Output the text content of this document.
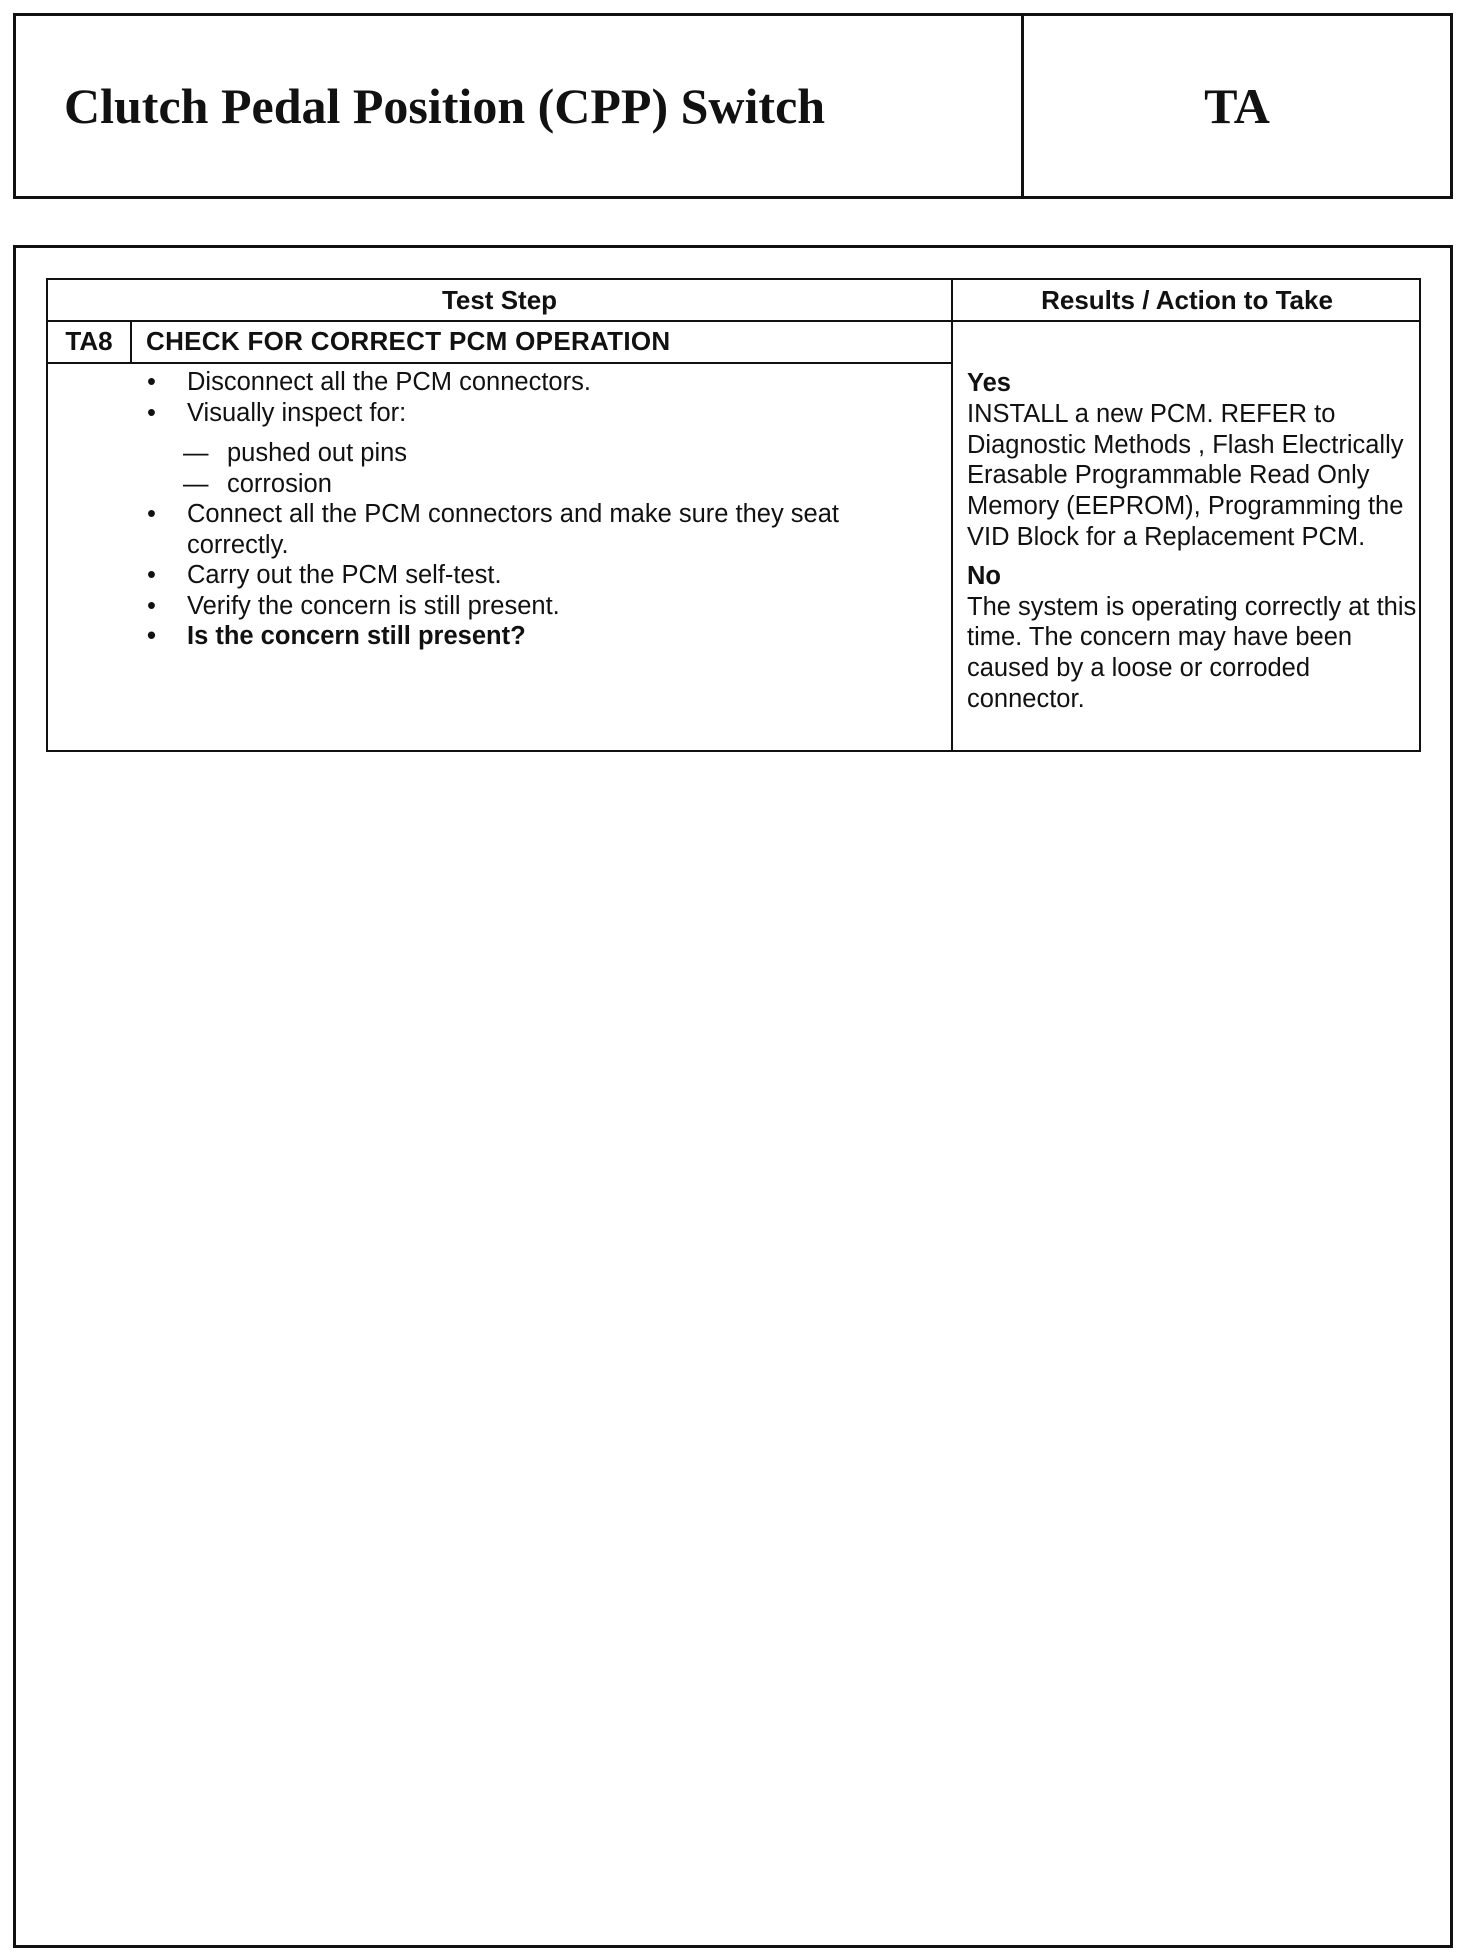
Clutch Pedal Position (CPP) Switch	TA
Test Step	Results / Action to Take
TA8	CHECK FOR CORRECT PCM OPERATION
•	Disconnect all the PCM connectors.
•	Visually inspect for:
— pushed out pins
— corrosion
•	Connect all the PCM connectors and make sure they seat correctly.
•	Carry out the PCM self-test.
•	Verify the concern is still present.
•	Is the concern still present?
Yes
INSTALL a new PCM. REFER to Diagnostic Methods , Flash Electrically Erasable Programmable Read Only Memory (EEPROM), Programming the VID Block for a Replacement PCM.
No
The system is operating correctly at this time. The concern may have been caused by a loose or corroded connector.
